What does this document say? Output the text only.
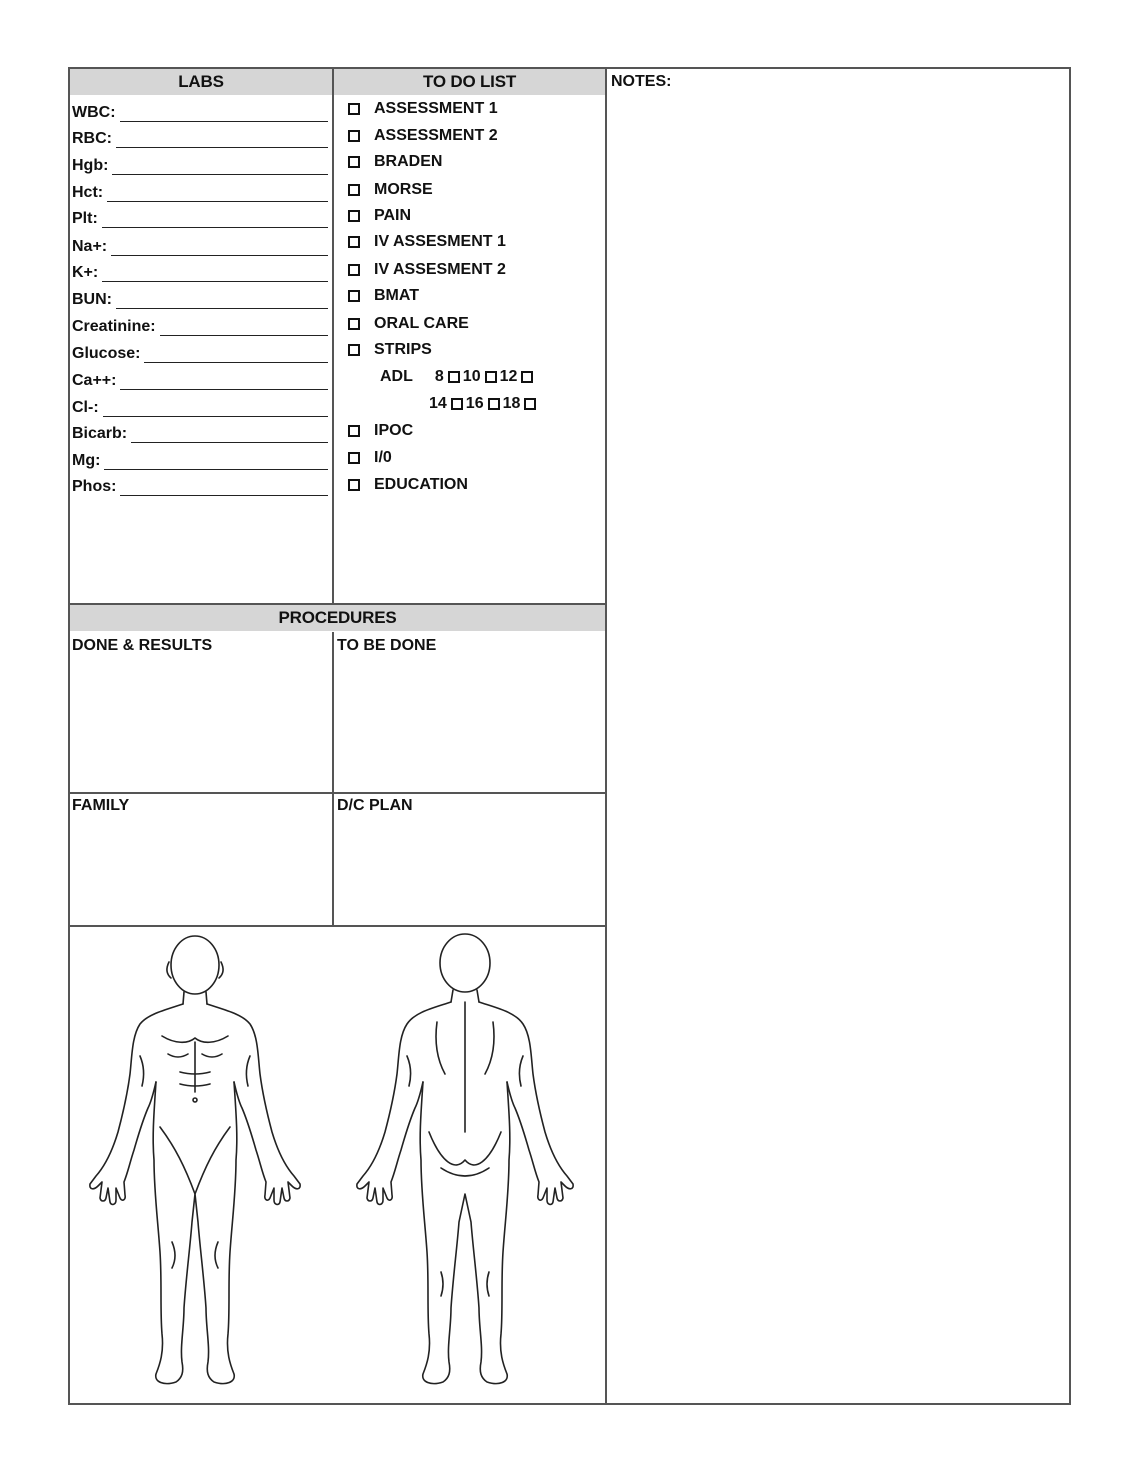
LABS
WBC:
RBC:
Hgb:
Hct:
Plt:
Na+:
K+:
BUN:
Creatinine:
Glucose:
Ca++:
Cl-:
Bicarb:
Mg:
Phos:
TO DO LIST
ASSESSMENT 1
ASSESSMENT 2
BRADEN
MORSE
PAIN
IV ASSESMENT 1
IV ASSESMENT 2
BMAT
ORAL CARE
STRIPS
ADL 8 10 12
14 16 18
IPOC
I/0
EDUCATION
NOTES:
PROCEDURES
DONE & RESULTS	TO BE DONE
FAMILY	D/C PLAN
